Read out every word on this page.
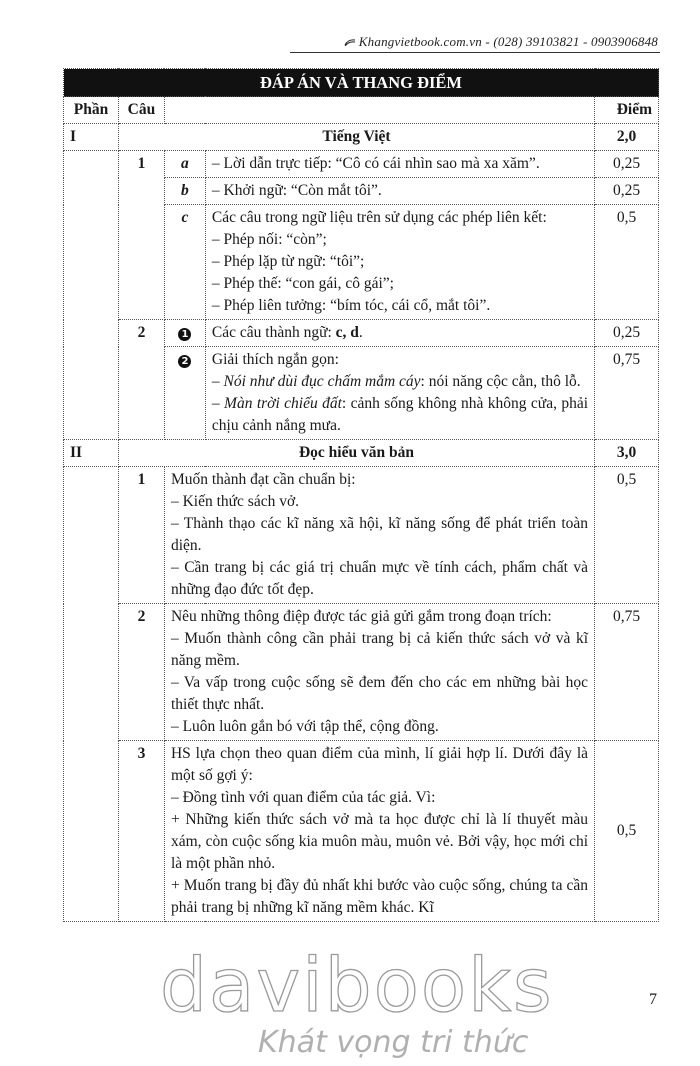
Khangvietbook.com.vn - (028) 39103821 - 0903906848
ĐÁP ÁN VÀ THANG ĐIỂM				
Phần	Câu			Điểm
I	Tiếng Việt			2,0
	1	a	– Lời dẫn trực tiếp: “Cô có cái nhìn sao mà xa xăm”.	0,25
		b	– Khởi ngữ: “Còn mắt tôi”.	0,25
		c	Các câu trong ngữ liệu trên sử dụng các phép liên kết:
– Phép nối: “còn”;
– Phép lặp từ ngữ: “tôi”;
– Phép thế: “con gái, cô gái”;
– Phép liên tưởng: “bím tóc, cái cổ, mắt tôi”.	0,5
	2	1	Các câu thành ngữ: c, d.	0,25
		2	Giải thích ngắn gọn:
– Nói như dùi đục chấm mắm cáy: nói năng cộc cằn, thô lỗ.
– Màn trời chiếu đất: cảnh sống không nhà không cửa, phải chịu cảnh nắng mưa.	0,75
II	Đọc hiểu văn bản			3,0
	1	Muốn thành đạt cần chuẩn bị:
– Kiến thức sách vở.
– Thành thạo các kĩ năng xã hội, kĩ năng sống để phát triển toàn diện.
– Cần trang bị các giá trị chuẩn mực về tính cách, phẩm chất và những đạo đức tốt đẹp.		0,5
	2	Nêu những thông điệp được tác giả gửi gắm trong đoạn trích:
– Muốn thành công cần phải trang bị cả kiến thức sách vở và kĩ năng mềm.
– Va vấp trong cuộc sống sẽ đem đến cho các em những bài học thiết thực nhất.
– Luôn luôn gắn bó với tập thể, cộng đồng.		0,75
	3	HS lựa chọn theo quan điểm của mình, lí giải hợp lí. Dưới đây là một số gợi ý:
– Đồng tình với quan điểm của tác giả. Vì:
+ Những kiến thức sách vở mà ta học được chỉ là lí thuyết màu xám, còn cuộc sống kia muôn màu, muôn vẻ. Bởi vậy, học mới chỉ là một phần nhỏ.
+ Muốn trang bị đầy đủ nhất khi bước vào cuộc sống, chúng ta cần phải trang bị những kĩ năng mềm khác. Kĩ		0,5
davibooks
Khát vọng tri thức
7
